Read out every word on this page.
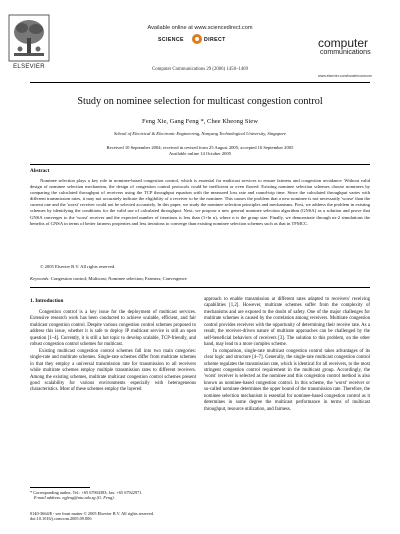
ELSEVIER
Available online at www.sciencedirect.com
SCIENCE	DIRECT
Computer Communications 29 (2006) 1458–1469
computer
communications
www.elsevier.com/locate/comcom
Study on nominee selection for multicast congestion control
Feng Xie, Gang Feng *, Chee Kheong Siew
School of Electrical & Electronic Engineering, Nanyang Technological University, Singapore
Received 10 September 2004; received in revised form 25 August 2005; accepted 16 September 2005
Available online 14 October 2005
Abstract

Nominee selection plays a key role in nominee-based congestion control, which is essential for multicast services to ensure fairness and congestion avoidance. Without valid design of nominee selection mechanism, the design of congestion control protocols could be inefficient or even flawed. Existing nominee selection schemes choose nominees by comparing the calculated throughput of receivers using the TCP throughput equation with the measured loss rate and round-trip time. Since the calculated throughput varies with different transmission rates, it may not accurately indicate the eligibility of a receiver to be the nominee. This causes the problem that a new nominee is not necessarily 'worse' than the current one and the 'worst' receiver could not be selected accurately. In this paper, we study the nominee selection principles and mechanisms. First, we address the problem in existing schemes by identifying the conditions for the valid use of calculated throughput. Next, we propose a new general nominee selection algorithm (GNSA) as a solution and prove that GNSA converges to the 'worst' receiver and the expected number of iterations is less than (1+ln n), where n is the group size. Finally, we demonstrate through ns-2 simulations the benefits of GNSA in terms of better fairness properties and less iterations to converge than existing nominee selection schemes such as that in TFMCC.

© 2005 Elsevier B.V. All rights reserved.
Keywords: Congestion control; Multicast; Nominee selection; Fairness; Convergence
1. Introduction

Congestion control is a key issue for the deployment of multicast services. Extensive research work has been conducted to achieve scalable, efficient, and fair multicast congestion control. Despite various congestion control schemes proposed to address this issue, whether it is safe to deploy IP multicast service is still an open question [1–4]. Currently, it is still a hot topic to develop scalable, TCP-friendly, and robust congestion control schemes for multicast.

Existing multicast congestion control schemes fall into two main categories: single-rate and multirate schemes. Single-rate schemes differ from multirate schemes in that they employ a universal transmission rate for transmission to all receivers while multirate schemes employ multiple transmission rates to different receivers. Among the existing schemes, multirate multicast congestion control schemes present good scalability for various environments especially with heterogeneous characteristics. Most of these schemes employ the layered

approach to enable transmission at different rates adapted to receivers' receiving capabilities [1,2]. However, multirate schemes suffer from the complexity of mechanisms and are exposed to the doubt of safety. One of the major challenges for multirate schemes is caused by the correlation among receivers. Multirate congestion control provides receivers with the opportunity of determining their receive rate. As a result, the receiver-driven nature of multirate approaches can be challenged by the self-beneficial behaviors of receivers [3]. The solution to this problem, on the other hand, may lead to a more complex scheme.

In comparison, single-rate multicast congestion control takes advantages of its clear logic and structure [4–7]. Generally, the single-rate multicast congestion control scheme regulates the transmission rate, which is identical for all receivers, to the most stringent congestion control requirement in the multicast group. Accordingly, the 'worst' receiver is selected as the nominee and this congestion control method is also known as nominee-based congestion control. In this scheme, the 'worst' receiver or so-called nominee determines the upper bound of the transmission rate. Therefore, the nominee selection mechanism is essential for nominee-based congestion control as it determines in some degree the multicast performance in terms of multicast throughput, resource utilization, and fairness.

* Corresponding author. Tel.: +65 67904383; fax: +65 67922971.

E-mail address: egfeng@ntu.edu.sg (G. Feng).

0140-3664/$ - see front matter © 2005 Elsevier B.V. All rights reserved.

doi:10.1016/j.comcom.2005.09.006
